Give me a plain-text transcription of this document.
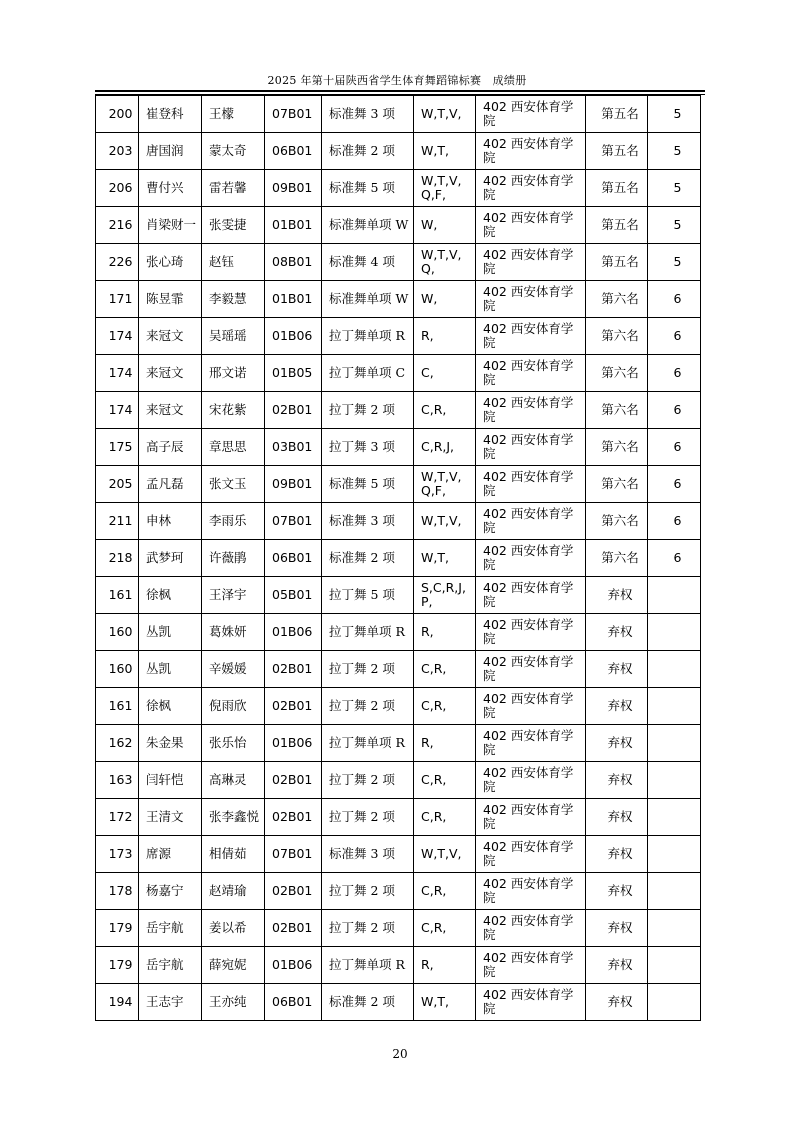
2025 年第十届陕西省学生体育舞蹈锦标赛　成绩册
200	崔登科	王檬	07B01	标准舞 3 项	W,T,V,	402 西安体育学院	第五名	5
203	唐国润	蒙太奇	06B01	标准舞 2 项	W,T,	402 西安体育学院	第五名	5
206	曹付兴	雷若馨	09B01	标准舞 5 项	W,T,V,Q,F,	402 西安体育学院	第五名	5
216	肖梁财一	张雯捷	01B01	标准舞单项 W	W,	402 西安体育学院	第五名	5
226	张心琦	赵钰	08B01	标准舞 4 项	W,T,V,Q,	402 西安体育学院	第五名	5
171	陈昱霏	李毅慧	01B01	标准舞单项 W	W,	402 西安体育学院	第六名	6
174	来冠文	吴瑶瑶	01B06	拉丁舞单项 R	R,	402 西安体育学院	第六名	6
174	来冠文	邢文诺	01B05	拉丁舞单项 C	C,	402 西安体育学院	第六名	6
174	来冠文	宋花紫	02B01	拉丁舞 2 项	C,R,	402 西安体育学院	第六名	6
175	高子辰	章思思	03B01	拉丁舞 3 项	C,R,J,	402 西安体育学院	第六名	6
205	孟凡磊	张文玉	09B01	标准舞 5 项	W,T,V,Q,F,	402 西安体育学院	第六名	6
211	申林	李雨乐	07B01	标准舞 3 项	W,T,V,	402 西安体育学院	第六名	6
218	武梦珂	许薇鹃	06B01	标准舞 2 项	W,T,	402 西安体育学院	第六名	6
161	徐枫	王泽宇	05B01	拉丁舞 5 项	S,C,R,J,P,	402 西安体育学院	弃权	
160	丛凯	葛姝妍	01B06	拉丁舞单项 R	R,	402 西安体育学院	弃权	
160	丛凯	辛媛媛	02B01	拉丁舞 2 项	C,R,	402 西安体育学院	弃权	
161	徐枫	倪雨欣	02B01	拉丁舞 2 项	C,R,	402 西安体育学院	弃权	
162	朱金果	张乐怡	01B06	拉丁舞单项 R	R,	402 西安体育学院	弃权	
163	闫轩恺	高琳灵	02B01	拉丁舞 2 项	C,R,	402 西安体育学院	弃权	
172	王清文	张李鑫悦	02B01	拉丁舞 2 项	C,R,	402 西安体育学院	弃权	
173	席源	相倩茹	07B01	标准舞 3 项	W,T,V,	402 西安体育学院	弃权	
178	杨嘉宁	赵靖瑜	02B01	拉丁舞 2 项	C,R,	402 西安体育学院	弃权	
179	岳宇航	姜以希	02B01	拉丁舞 2 项	C,R,	402 西安体育学院	弃权	
179	岳宇航	薛宛妮	01B06	拉丁舞单项 R	R,	402 西安体育学院	弃权	
194	王志宇	王亦纯	06B01	标准舞 2 项	W,T,	402 西安体育学院	弃权	
20
